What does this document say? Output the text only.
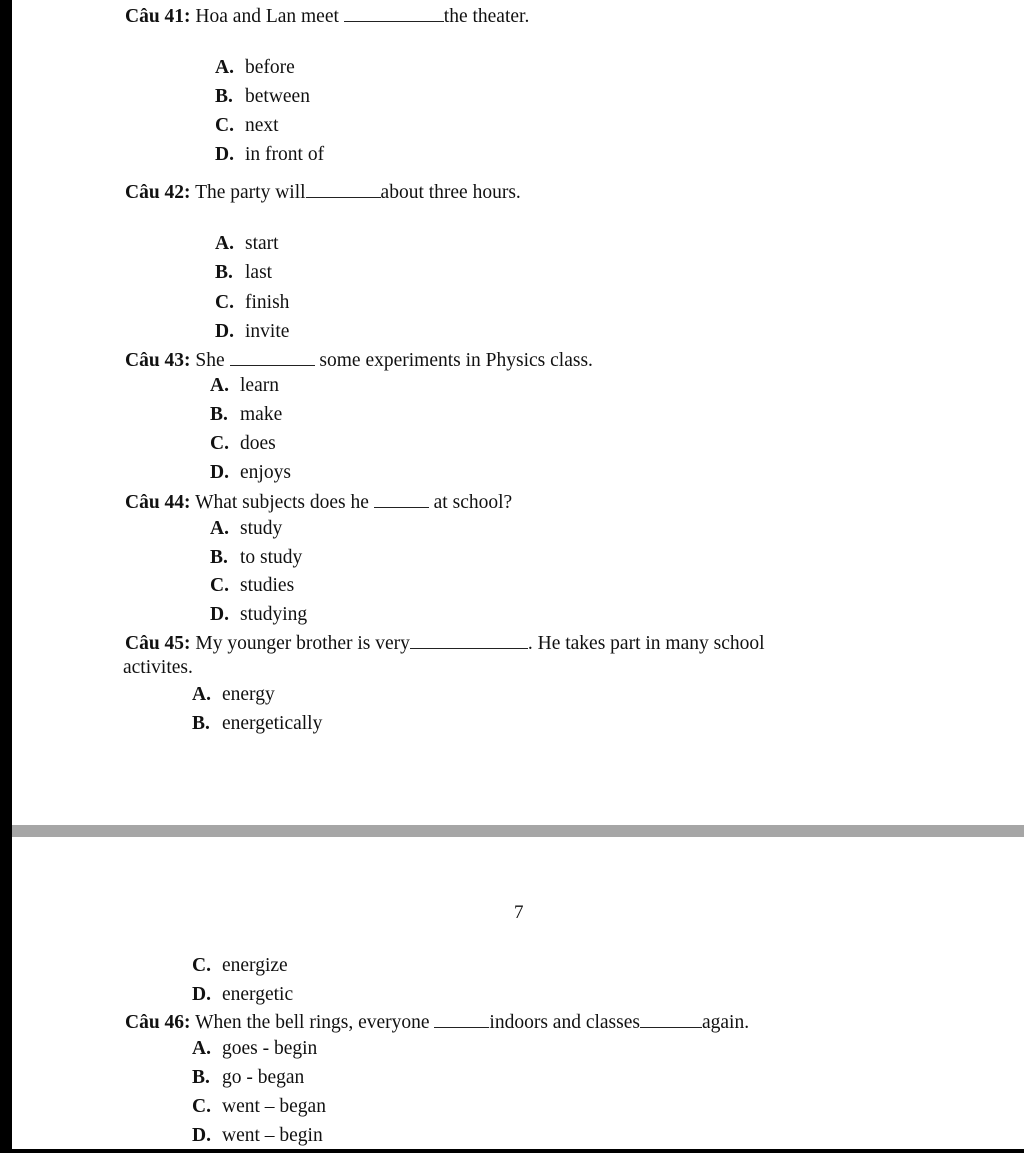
Câu 41: Hoa and Lan meet	the theater.
A. before
B. between
C. next
D. in front of
Câu 42: The party will	about three hours.
A. start
B. last
C. finish
D. invite
Câu 43: She	some experiments in Physics class.
A. learn
B. make
C. does
D. enjoys
Câu 44: What subjects does he	at school?
A. study
B. to study
C. studies
D. studying
Câu 45: My younger brother is very	. He takes part in many school
activites.
A. energy
B. energetically
7
C. energize
D. energetic
Câu 46: When the bell rings, everyone	indoors and classes	again.
A. goes - begin
B. go - began
C. went – began
D. went – begin
